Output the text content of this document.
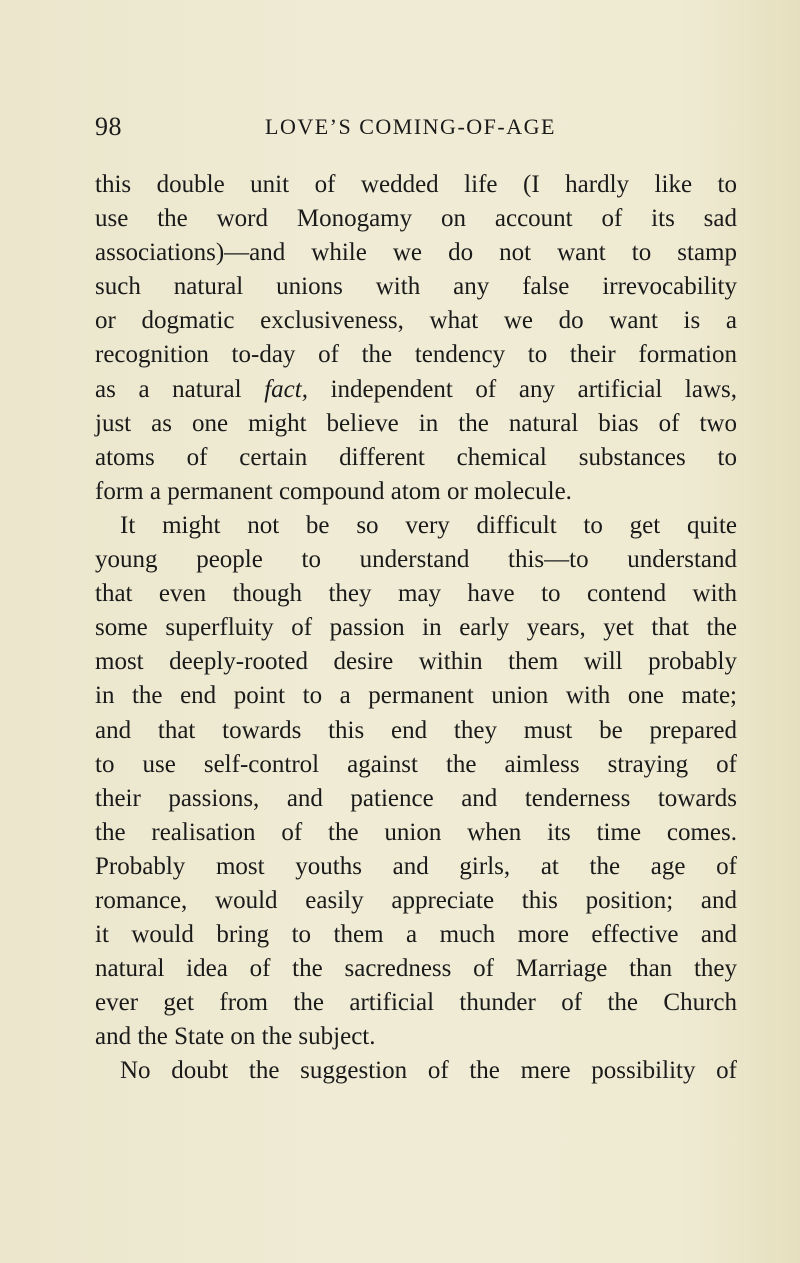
98	LOVE’S COMING-OF-AGE
this double unit of wedded life (I hardly like to
use the word Monogamy on account of its sad
associations)—and while we do not want to stamp
such natural unions with any false irrevocability
or dogmatic exclusiveness, what we do want is a
recognition to-day of the tendency to their formation
as a natural fact, independent of any artificial laws,
just as one might believe in the natural bias of two
atoms of certain different chemical substances to
form a permanent compound atom or molecule.
It might not be so very difficult to get quite
young people to understand this—to understand
that even though they may have to contend with
some superfluity of passion in early years, yet that the
most deeply-rooted desire within them will probably
in the end point to a permanent union with one mate;
and that towards this end they must be prepared
to use self-control against the aimless straying of
their passions, and patience and tenderness towards
the realisation of the union when its time comes.
Probably most youths and girls, at the age of
romance, would easily appreciate this position; and
it would bring to them a much more effective and
natural idea of the sacredness of Marriage than they
ever get from the artificial thunder of the Church
and the State on the subject.
No doubt the suggestion of the mere possibility of
